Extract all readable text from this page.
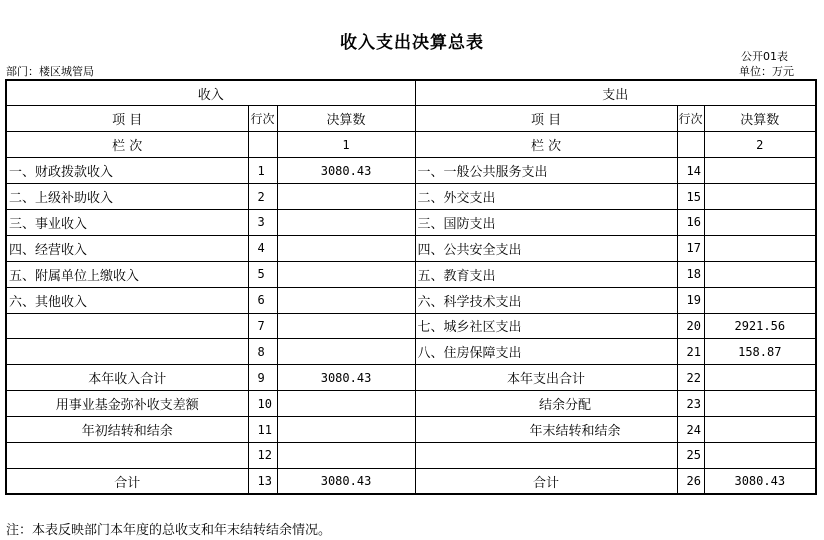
收入支出决算总表
公开01表
部门：楼区城管局	单位：万元
收入			支出		
项 目	行次	决算数	项 目	行次	决算数
栏 次		1	栏 次		2
一、财政拨款收入	1	3080.43	一、一般公共服务支出	14	
二、上级补助收入	2		二、外交支出	15	
三、事业收入	3		三、国防支出	16	
四、经营收入	4		四、公共安全支出	17	
五、附属单位上缴收入	5		五、教育支出	18	
六、其他收入	6		六、科学技术支出	19	
	7		七、城乡社区支出	20	2921.56
	8		八、住房保障支出	21	158.87
本年收入合计	9	3080.43	本年支出合计	22	
用事业基金弥补收支差额	10		结余分配	23	
年初结转和结余	11		年末结转和结余	24	
	12			25	
合计	13	3080.43	合计	26	3080.43
注：本表反映部门本年度的总收支和年末结转结余情况。
